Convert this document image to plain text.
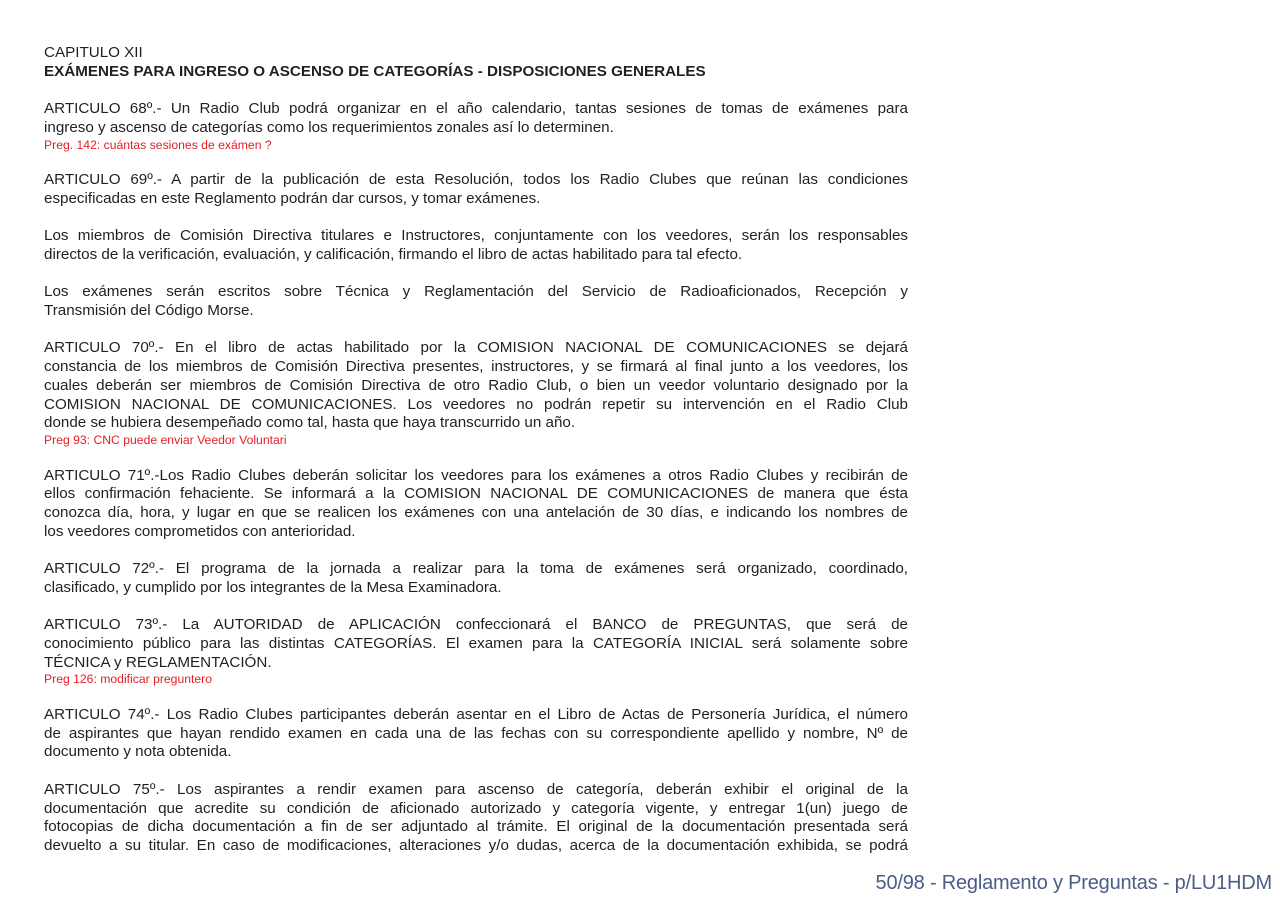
CAPITULO XII

EXÁMENES PARA INGRESO O ASCENSO DE CATEGORÍAS - DISPOSICIONES GENERALES

ARTICULO 68º.- Un Radio Club podrá organizar en el año calendario, tantas sesiones de tomas de exámenes para
ingreso y ascenso de categorías como los requerimientos zonales así lo determinen.
Preg. 142: cuántas sesiones de exámen ?
ARTICULO 69º.- A partir de la publicación de esta Resolución, todos los Radio Clubes que reúnan las condiciones
especificadas en este Reglamento podrán dar cursos, y tomar exámenes.
Los miembros de Comisión Directiva titulares e Instructores, conjuntamente con los veedores, serán los responsables
directos de la verificación, evaluación, y calificación, firmando el libro de actas habilitado para tal efecto.
Los exámenes serán escritos sobre Técnica y Reglamentación del Servicio de Radioaficionados, Recepción y
Transmisión del Código Morse.
ARTICULO 70º.- En el libro de actas habilitado por la COMISION NACIONAL DE COMUNICACIONES se dejará
constancia de los miembros de Comisión Directiva presentes, instructores, y se firmará al final junto a los veedores, los
cuales deberán ser miembros de Comisión Directiva de otro Radio Club, o bien un veedor voluntario designado por la
COMISION NACIONAL DE COMUNICACIONES. Los veedores no podrán repetir su intervención en el Radio Club
donde se hubiera desempeñado como tal, hasta que haya transcurrido un año.
Preg 93: CNC puede enviar Veedor Voluntari
ARTICULO 71º.-Los Radio Clubes deberán solicitar los veedores para los exámenes a otros Radio Clubes y recibirán de
ellos confirmación fehaciente. Se informará a la COMISION NACIONAL DE COMUNICACIONES de manera que ésta
conozca día, hora, y lugar en que se realicen los exámenes con una antelación de 30 días, e indicando los nombres de
los veedores comprometidos con anterioridad.
ARTICULO 72º.- El programa de la jornada a realizar para la toma de exámenes será organizado, coordinado,
clasificado, y cumplido por los integrantes de la Mesa Examinadora.
ARTICULO 73º.- La AUTORIDAD de APLICACIÓN confeccionará el BANCO de PREGUNTAS, que será de
conocimiento público para las distintas CATEGORÍAS. El examen para la CATEGORÍA INICIAL será solamente sobre
TÉCNICA y REGLAMENTACIÓN.
Preg 126: modificar preguntero
ARTICULO 74º.- Los Radio Clubes participantes deberán asentar en el Libro de Actas de Personería Jurídica, el número
de aspirantes que hayan rendido examen en cada una de las fechas con su correspondiente apellido y nombre, Nº de
documento y nota obtenida.
ARTICULO 75º.- Los aspirantes a rendir examen para ascenso de categoría, deberán exhibir el original de la
documentación que acredite su condición de aficionado autorizado y categoría vigente, y entregar 1(un) juego de
fotocopias de dicha documentación a fin de ser adjuntado al trámite. El original de la documentación presentada será
devuelto a su titular. En caso de modificaciones, alteraciones y/o dudas, acerca de la documentación exhibida, se podrá
50/98 - Reglamento y Preguntas - p/LU1HDM
